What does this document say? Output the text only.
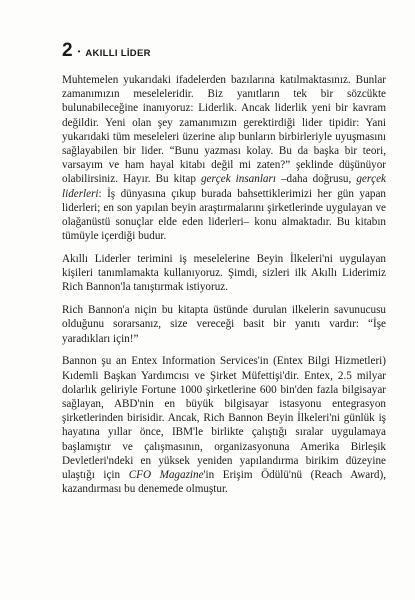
2 • AKILLI LİDER

Muhtemelen yukarıdaki ifadelerden bazılarına katılmaktasınız. Bunlar zamanımızın meseleleridir. Biz yanıtların tek bir sözcükte bulunabileceğine inanıyoruz: Liderlik. Ancak liderlik yeni bir kavram değildir. Yeni olan şey zamanımızın gerektirdiği lider tipidir: Yani yukarıdaki tüm meseleleri üzerine alıp bunların birbirleriyle uyuşmasını sağlayabilen bir lider. “Bunu yazması kolay. Bu da başka bir teori, varsayım ve ham hayal kitabı değil mi zaten?” şeklinde düşünüyor olabilirsiniz. Hayır. Bu kitap gerçek insanları –daha doğrusu, gerçek liderleri: İş dünyasına çıkup burada bahsettiklerimizi her gün yapan liderleri; en son yapılan beyin araştırmalarını şirketlerinde uygulayan ve olağanüstü sonuçlar elde eden liderleri– konu almaktadır. Bu kitabın tümüyle içerdiği budur.

Akıllı Liderler terimini iş meselelerine Beyin İlkeleri'ni uygulayan kişileri tanımlamakta kullanıyoruz. Şimdi, sizleri ilk Akıllı Liderimiz Rich Bannon'la tanıştırmak istiyoruz.

Rich Bannon'a niçin bu kitapta üstünde durulan ilkelerin savunucusu olduğunu sorarsanız, size vereceği basit bir yanıtı vardır: “İşe yaradıkları için!”

Bannon şu an Entex Information Services'in (Entex Bilgi Hizmetleri) Kıdemli Başkan Yardımcısı ve Şirket Müfettişi'dir. Entex, 2.5 milyar dolarlık geliriyle Fortune 1000 şirketlerine 600 bin'den fazla bilgisayar sağlayan, ABD'nin en büyük bilgisayar istasyonu entegrasyon şirketlerinden birisidir. Ancak, Rich Bannon Beyin İlkeleri'ni günlük iş hayatına yıllar önce, IBM'le birlikte çalıştığı sıralar uygulamaya başlamıştır ve çalışmasının, organizasyonuna Amerika Birleşik Devletleri'ndeki en yüksek yeniden yapılandırma birikim düzeyine ulaştığı için CFO Magazine'in Erişim Ödülü'nü (Reach Award), kazandırması bu denemede olmuştur.
